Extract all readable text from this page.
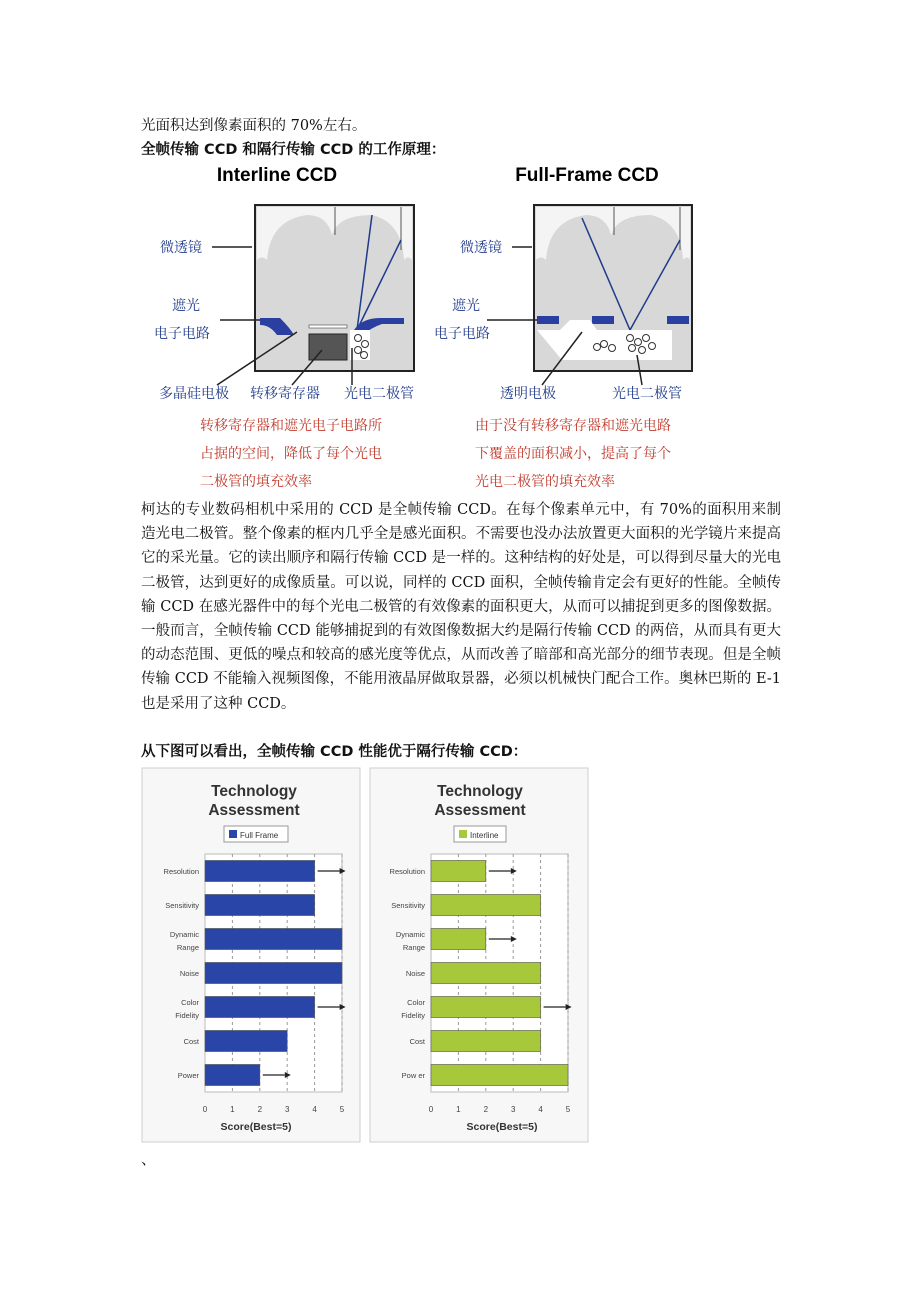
光面积达到像素面积的 70%左右。
全帧传输 CCD 和隔行传输 CCD 的工作原理：
Interline CCD
微透镜
遮光
电子电路
多晶硅电极 转移寄存器 光电二极管
转移寄存器和遮光电子电路所
占据的空间，降低了每个光电
二极管的填充效率
Full-Frame CCD
微透镜
遮光
电子电路
透明电极	光电二极管
由于没有转移寄存器和遮光电路
下覆盖的面积减小，提高了每个
光电二极管的填充效率
柯达的专业数码相机中采用的 CCD 是全帧传输 CCD。在每个像素单元中，有 70%的面积用来制造光电二极管。整个像素的框内几乎全是感光面积。不需要也没办法放置更大面积的光学镜片来提高它的采光量。它的读出顺序和隔行传输 CCD 是一样的。这种结构的好处是，可以得到尽量大的光电二极管，达到更好的成像质量。可以说，同样的 CCD 面积，全帧传输肯定会有更好的性能。全帧传输 CCD 在感光器件中的每个光电二极管的有效像素的面积更大，从而可以捕捉到更多的图像数据。一般而言，全帧传输 CCD 能够捕捉到的有效图像数据大约是隔行传输 CCD 的两倍，从而具有更大的动态范围、更低的噪点和较高的感光度等优点，从而改善了暗部和高光部分的细节表现。但是全帧传输 CCD 不能输入视频图像，不能用液晶屏做取景器，必须以机械快门配合工作。奥林巴斯的 E-1 也是采用了这种 CCD。
从下图可以看出，全帧传输 CCD 性能优于隔行传输 CCD：
Technology
Assessment
Full Frame
0	1	2	3	4	5
Resolution
Sensitivity
Dynamic
Range
Noise
Color
Fidelity
Cost
Power
Score(Best=5)
Technology
Assessment
Interline
0	1	2	3	4	5
Resolution
Sensitivity
Dynamic
Range
Noise
Color
Fidelity
Cost
Pow er
Score(Best=5)
、
